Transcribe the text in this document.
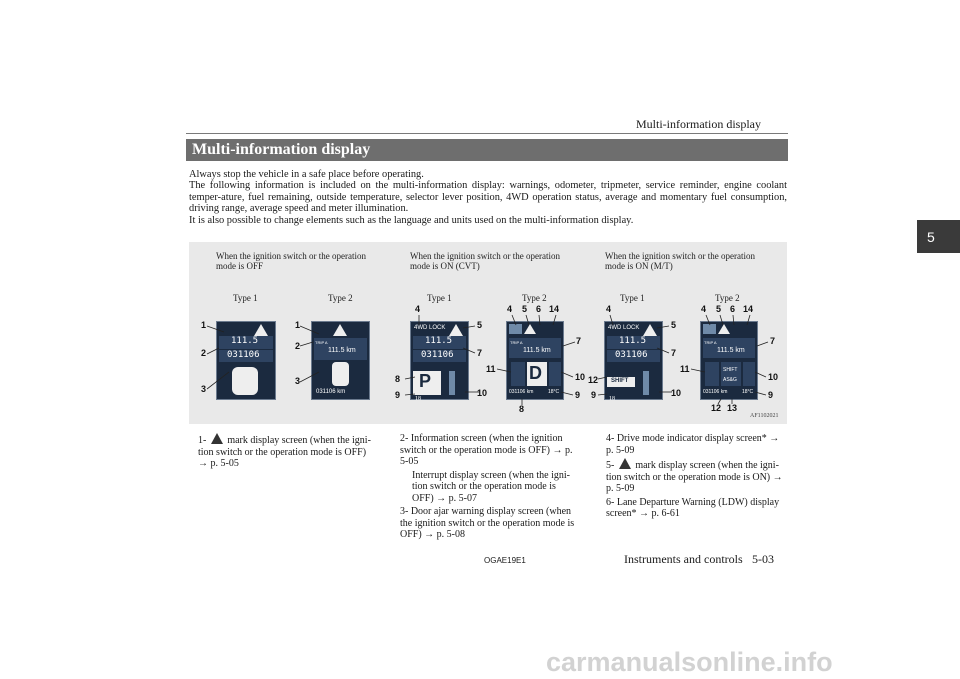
Multi-information display
5
Multi-information display

Always stop the vehicle in a safe place before operating.

The following information is included on the multi-information display: warnings, odometer, tripmeter, service reminder, engine coolant temper-ature, fuel remaining, outside temperature, selector lever position, 4WD operation status, average and momentary fuel consumption, driving range, average speed and meter illumination.

It is also possible to change elements such as the language and units used on the multi-information display.

When the ignition switch or the operation mode is OFF
When the ignition switch or the operation mode is ON (CVT)
When the ignition switch or the operation mode is ON (M/T)
Type 1	Type 2	Type 1	Type 2	Type 1	Type 2
111.5
031106
TRIP A
111.5 km
031106 km
4WD LOCK
111.5
031106
P
18
TRIP A
111.5 km
D
031106 km	18°C
4WD LOCK
111.5
031106
SHIFT
18
TRIP A
111.5 km
SHIFT
AS&G
031106 km	18°C
1
2
3
1
2
3
4
5
7
8
9	10
4 5 6 14
7
11
10
9
8
4
5
7
12
9	10
4 5 6 14
7
11
10
9
12 13
AF1102021
1- mark display screen (when the igni-tion switch or the operation mode is OFF) → p. 5-05
2- Information screen (when the ignition switch or the operation mode is OFF) → p. 5-05
Interrupt display screen (when the igni-tion switch or the operation mode is OFF) → p. 5-07
3- Door ajar warning display screen (when the ignition switch or the operation mode is OFF) → p. 5-08
4- Drive mode indicator display screen* → p. 5-09
5- mark display screen (when the igni-tion switch or the operation mode is ON) → p. 5-09
6- Lane Departure Warning (LDW) display screen* → p. 6-61
OGAE19E1	Instruments and controls 5-03
carmanualsonline.info
